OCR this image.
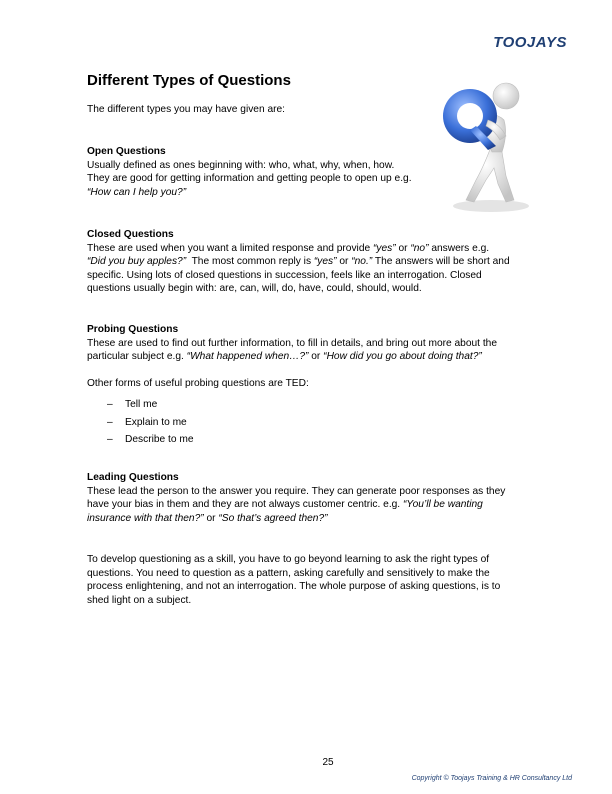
TOOJAYS
Different Types of Questions

The different types you may have given are:

Open Questions

Usually defined as ones beginning with: who, what, why, when, how.
They are good for getting information and getting people to open up e.g.
“How can I help you?”

Closed Questions

These are used when you want a limited response and provide “yes” or “no” answers e.g.
“Did you buy apples?”  The most common reply is “yes” or “no.” The answers will be short and
specific. Using lots of closed questions in succession, feels like an interrogation. Closed
questions usually begin with: are, can, will, do, have, could, should, would.

Probing Questions

These are used to find out further information, to fill in details, and bring out more about the
particular subject e.g. “What happened when…?” or “How did you go about doing that?”

Other forms of useful probing questions are TED:

– Tell me
– Explain to me
– Describe to me
Leading Questions

These lead the person to the answer you require. They can generate poor responses as they
have your bias in them and they are not always customer centric. e.g. “You’ll be wanting
insurance with that then?” or “So that’s agreed then?”

To develop questioning as a skill, you have to go beyond learning to ask the right types of
questions. You need to question as a pattern, asking carefully and sensitively to make the
process enlightening, and not an interrogation. The whole purpose of asking questions, is to
shed light on a subject.

25
Copyright © Toojays Training & HR Consultancy Ltd
